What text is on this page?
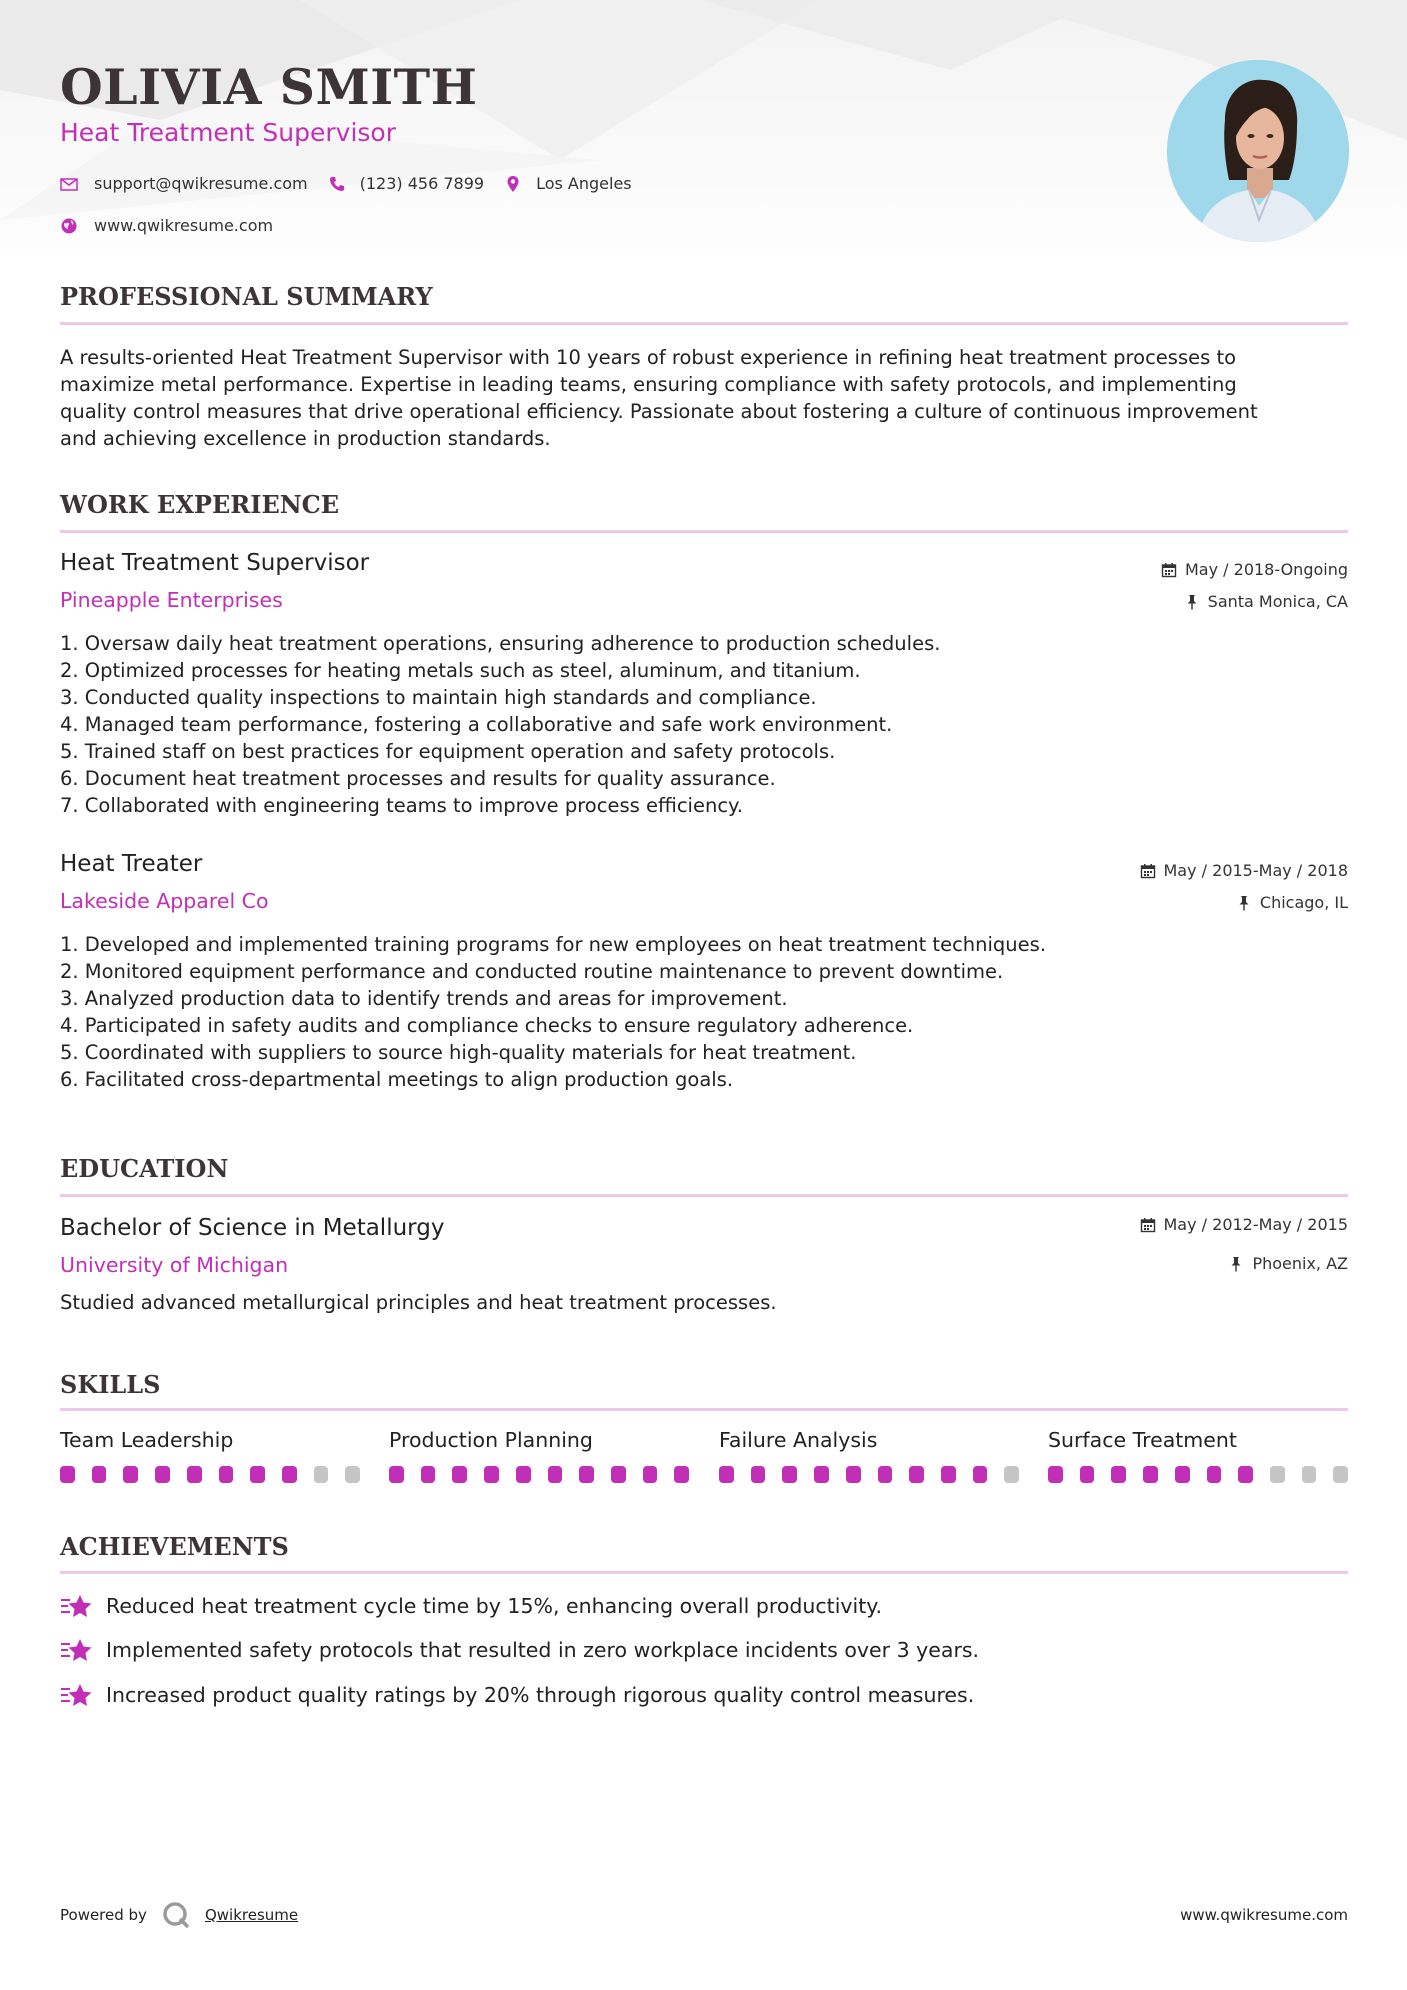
OLIVIA SMITH
Heat Treatment Supervisor
support@qwikresume.com	(123) 456 7899	Los Angeles
www.qwikresume.com
PROFESSIONAL SUMMARY
A results-oriented Heat Treatment Supervisor with 10 years of robust experience in refining heat treatment processes to
maximize metal performance. Expertise in leading teams, ensuring compliance with safety protocols, and implementing
quality control measures that drive operational efficiency. Passionate about fostering a culture of continuous improvement
and achieving excellence in production standards.
WORK EXPERIENCE
Heat Treatment Supervisor
Pineapple Enterprises
May / 2018-Ongoing
Santa Monica, CA
1. Oversaw daily heat treatment operations, ensuring adherence to production schedules.
2. Optimized processes for heating metals such as steel, aluminum, and titanium.
3. Conducted quality inspections to maintain high standards and compliance.
4. Managed team performance, fostering a collaborative and safe work environment.
5. Trained staff on best practices for equipment operation and safety protocols.
6. Document heat treatment processes and results for quality assurance.
7. Collaborated with engineering teams to improve process efficiency.
Heat Treater
Lakeside Apparel Co
May / 2015-May / 2018
Chicago, IL
1. Developed and implemented training programs for new employees on heat treatment techniques.
2. Monitored equipment performance and conducted routine maintenance to prevent downtime.
3. Analyzed production data to identify trends and areas for improvement.
4. Participated in safety audits and compliance checks to ensure regulatory adherence.
5. Coordinated with suppliers to source high-quality materials for heat treatment.
6. Facilitated cross-departmental meetings to align production goals.
EDUCATION
Bachelor of Science in Metallurgy
University of Michigan
May / 2012-May / 2015
Phoenix, AZ
Studied advanced metallurgical principles and heat treatment processes.
SKILLS
Team Leadership	Production Planning	Failure Analysis	Surface Treatment
ACHIEVEMENTS
Reduced heat treatment cycle time by 15%, enhancing overall productivity.
Implemented safety protocols that resulted in zero workplace incidents over 3 years.
Increased product quality ratings by 20% through rigorous quality control measures.
Powered by	Qwikresume	www.qwikresume.com
